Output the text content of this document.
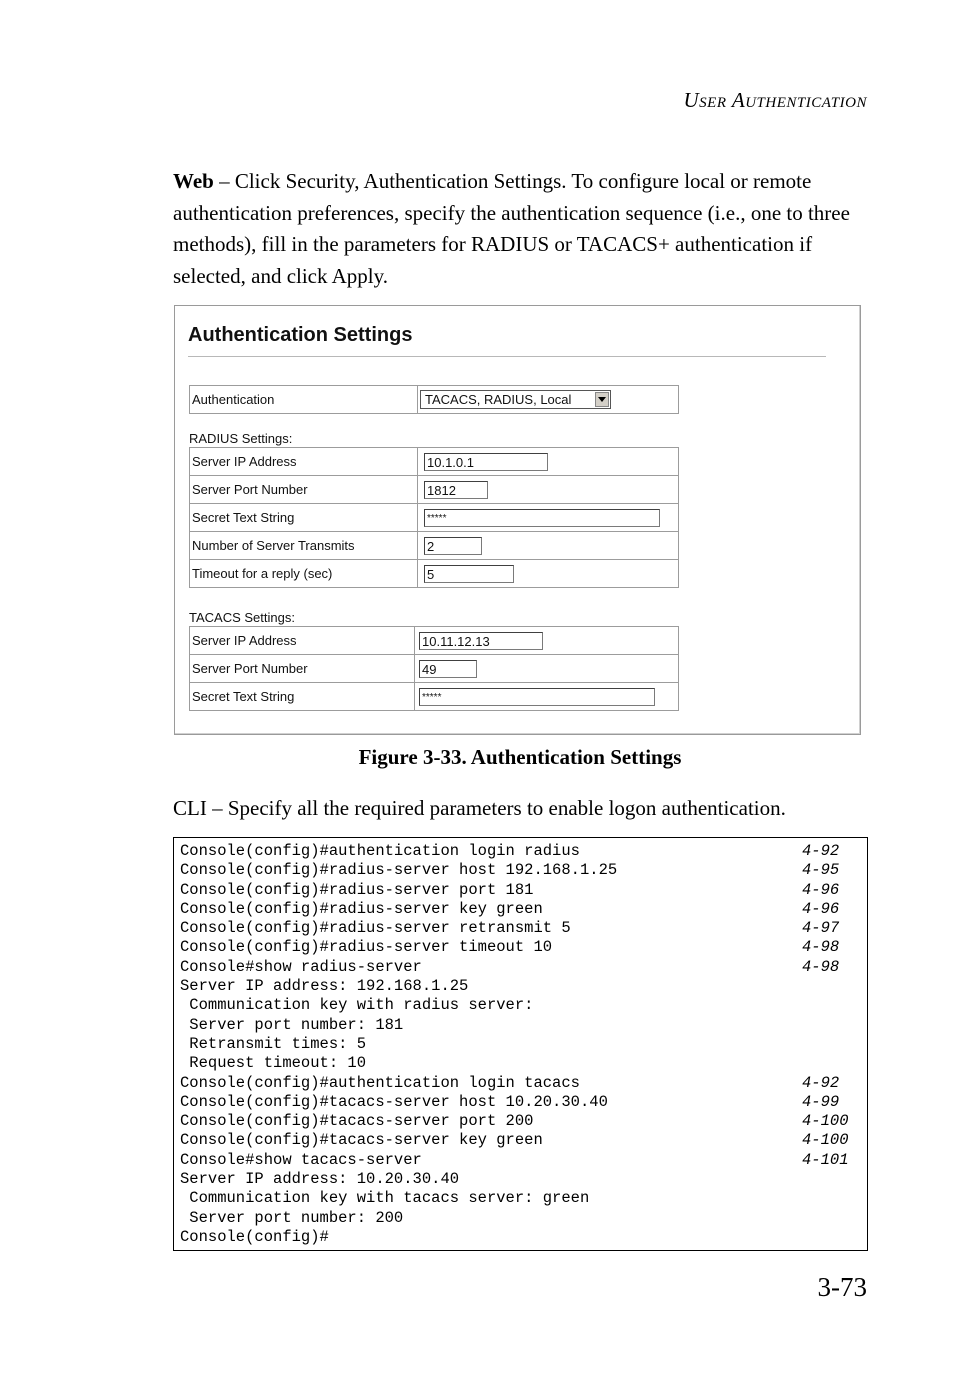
USER AUTHENTICATION
Web – Click Security, Authentication Settings. To configure local or remote authentication preferences, specify the authentication sequence (i.e., one to three methods), fill in the parameters for RADIUS or TACACS+ authentication if selected, and click Apply.
Authentication Settings
Authentication	TACACS, RADIUS, Local
RADIUS Settings:
Server IP Address	10.1.0.1
Server Port Number	1812
Secret Text String	*****
Number of Server Transmits	2
Timeout for a reply (sec)	5
TACACS Settings:
Server IP Address	10.11.12.13
Server Port Number	49
Secret Text String	*****
Figure 3-33. Authentication Settings
CLI – Specify all the required parameters to enable logon authentication.
Console(config)#authentication login radius	4-92
Console(config)#radius-server host 192.168.1.25	4-95
Console(config)#radius-server port 181	4-96
Console(config)#radius-server key green	4-96
Console(config)#radius-server retransmit 5	4-97
Console(config)#radius-server timeout 10	4-98
Console#show radius-server	4-98
Server IP address: 192.168.1.25
Communication key with radius server:
Server port number: 181
Retransmit times: 5
Request timeout: 10
Console(config)#authentication login tacacs	4-92
Console(config)#tacacs-server host 10.20.30.40	4-99
Console(config)#tacacs-server port 200	4-100
Console(config)#tacacs-server key green	4-100
Console#show tacacs-server	4-101
Server IP address: 10.20.30.40
Communication key with tacacs server: green
Server port number: 200
Console(config)#
3-73
